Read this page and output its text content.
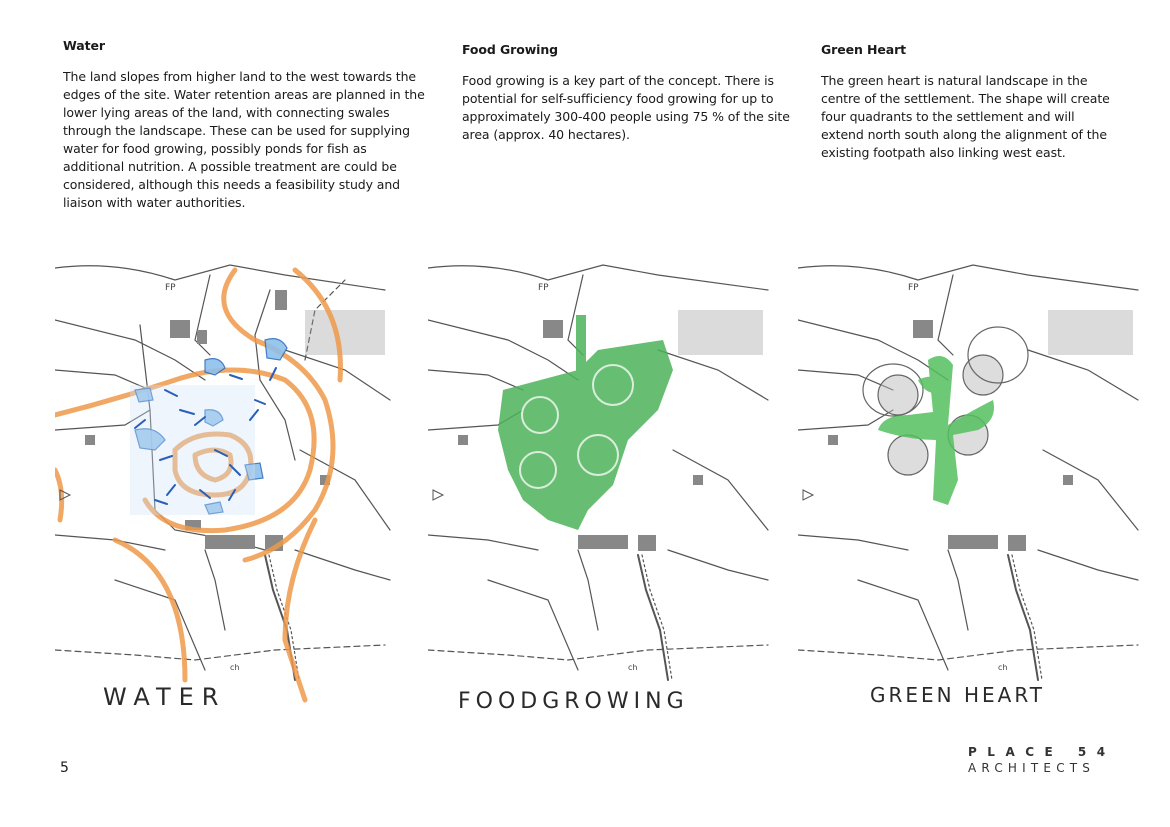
Water

The land slopes from higher land to the west towards the edges of the site. Water retention areas are planned in the lower lying areas of the land, with connecting swales through the landscape. These can be used for supplying water for food growing, possibly ponds for fish as additional nutrition. A possible treatment are could be considered, although this needs a feasibility study and liaison with water authorities.

Food Growing

Food growing is a key part of the concept. There is potential for self-sufficiency food growing for up to approximately 300-400 people using 75 % of the site area (approx. 40 hectares).

Green Heart

The green heart is natural landscape in the centre of the settlement. The shape will create four quadrants to the settlement and will extend north south along the alignment of the existing footpath also linking west east.

FP
ch
WATER
FP
ch
FOODGROWING
FP
ch
GREEN HEART
5
PLACE 54
ARCHITECTS
